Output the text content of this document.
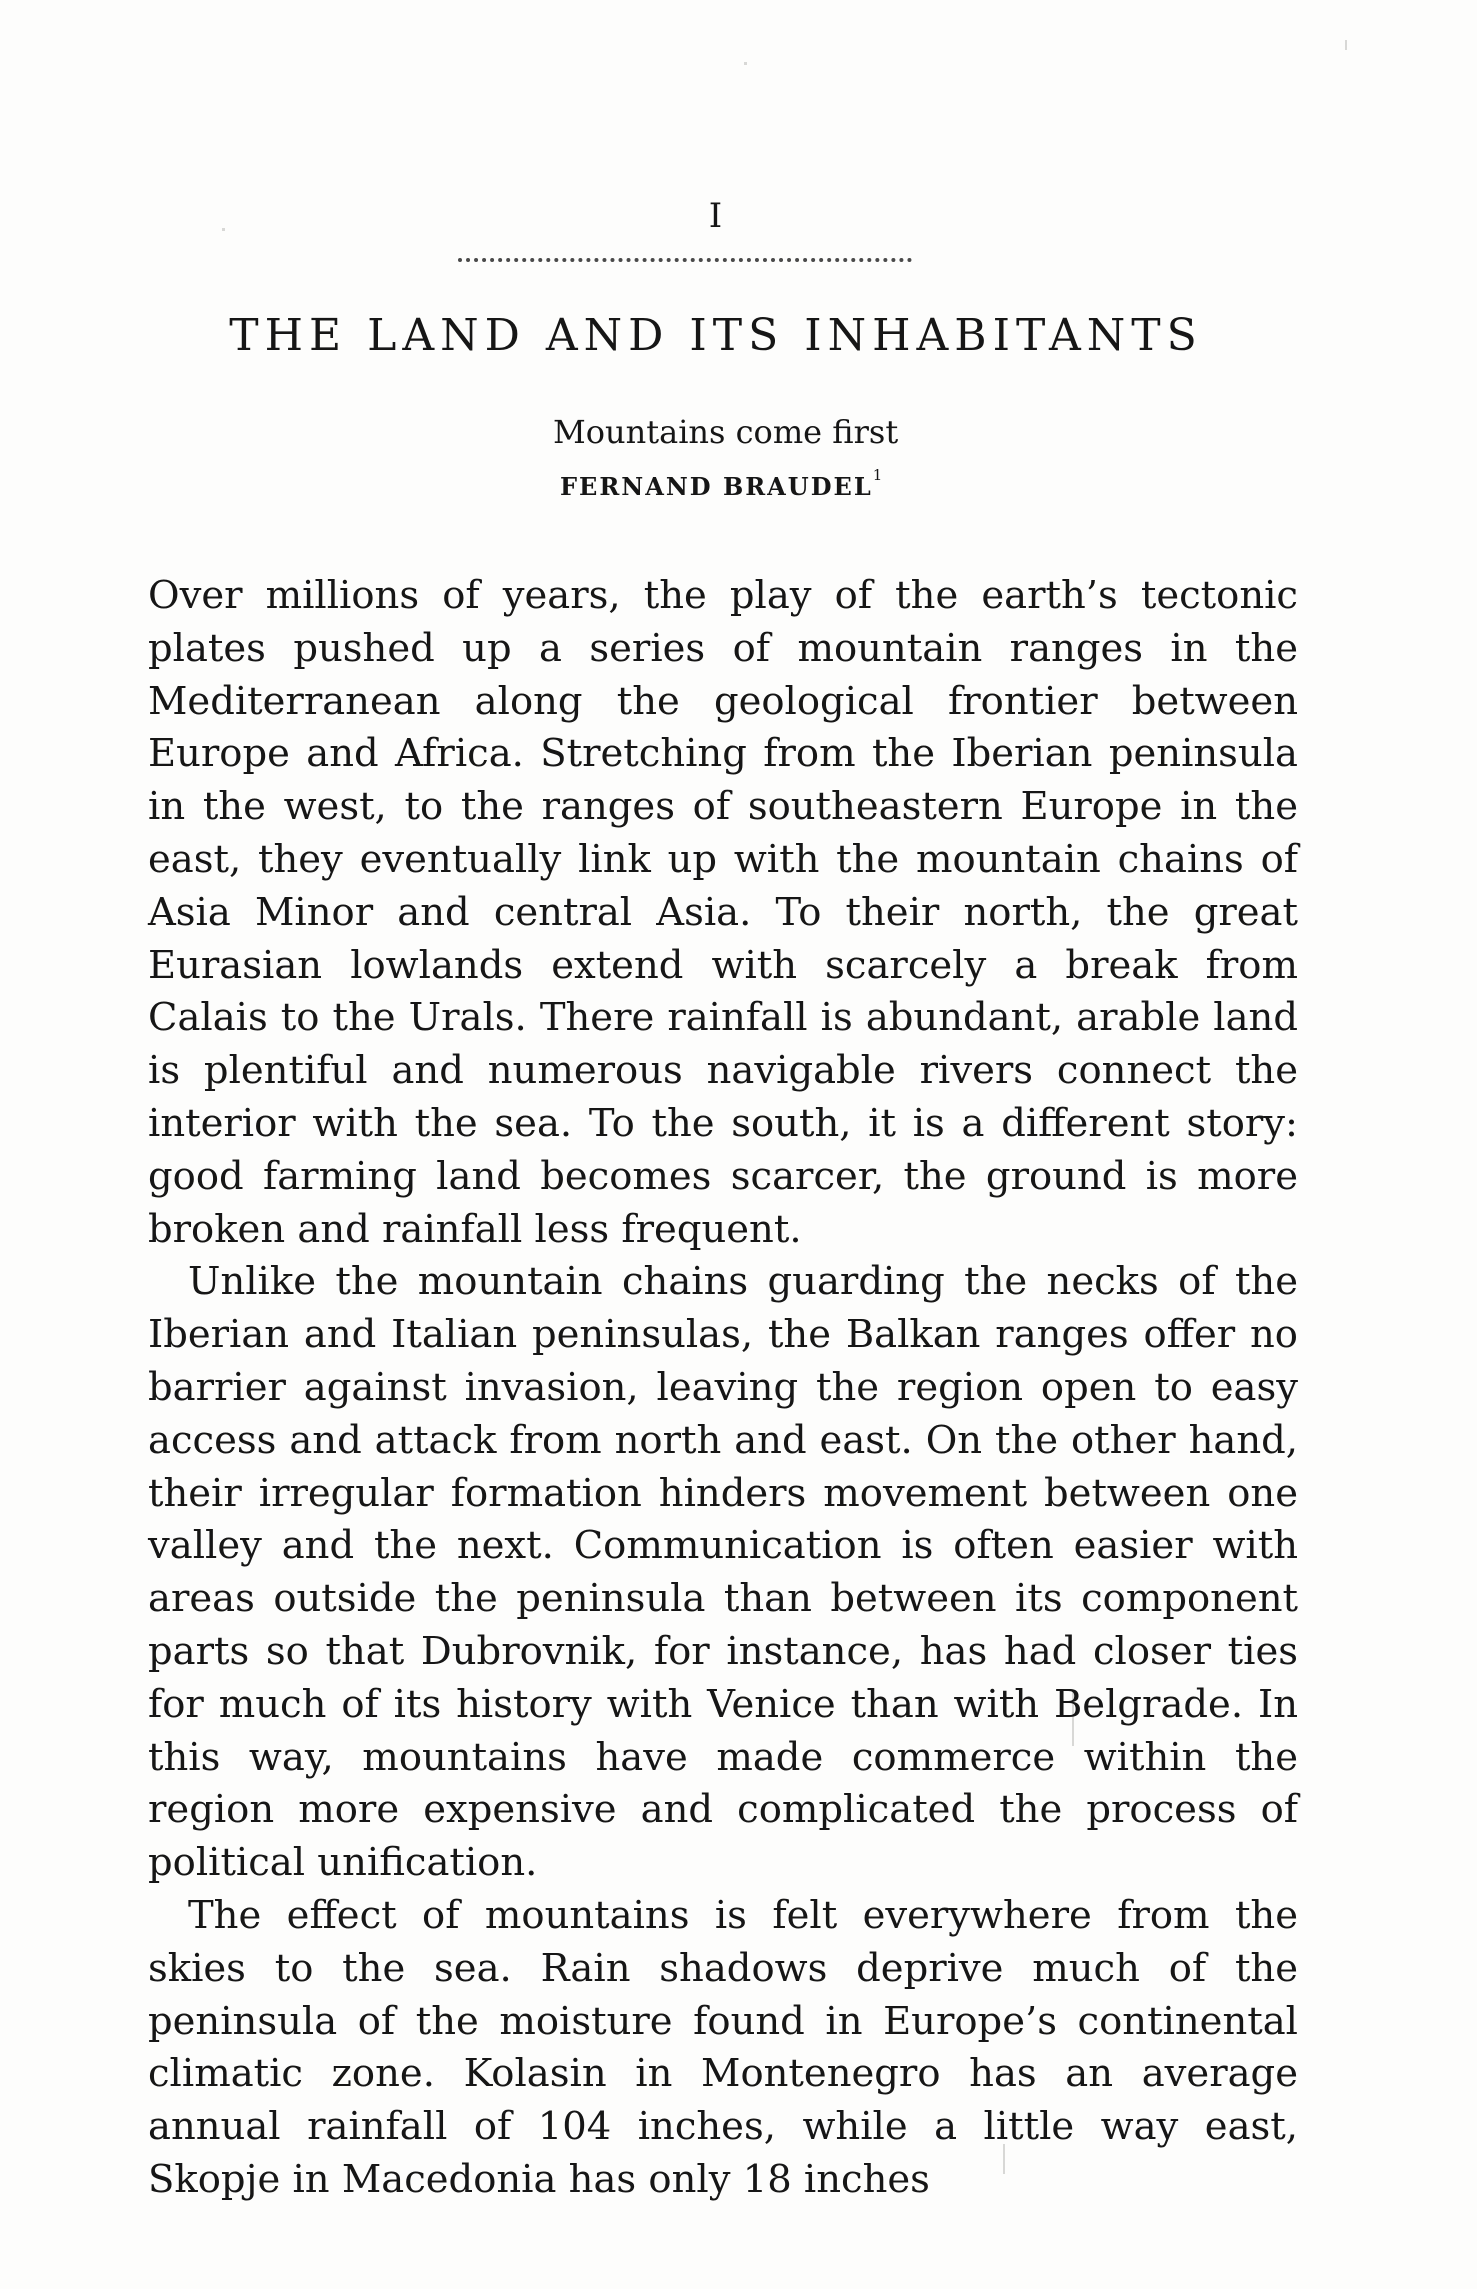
I
THE LAND AND ITS INHABITANTS
Mountains come first
FERNAND BRAUDEL$^1$

Over millions of years, the play of the earth’s tectonic plates pushed up a series of mountain ranges in the Mediterranean along the geological frontier between Europe and Africa. Stretching from the Iberian peninsula in the west, to the ranges of southeastern Europe in the east, they eventually link up with the mountain chains of Asia Minor and central Asia. To their north, the great Eurasian lowlands extend with scarcely a break from Calais to the Urals. There rainfall is abundant, arable land is plentiful and numerous navigable rivers connect the interior with the sea. To the south, it is a different story: good farming land becomes scarcer, the ground is more broken and rainfall less frequent.

Unlike the mountain chains guarding the necks of the Iberian and Italian peninsulas, the Balkan ranges offer no barrier against invasion, leaving the region open to easy access and attack from north and east. On the other hand, their irregular formation hinders movement between one valley and the next. Communication is often easier with areas outside the peninsula than between its component parts so that Dubrovnik, for instance, has had closer ties for much of its history with Venice than with Belgrade. In this way, mountains have made commerce within the region more expensive and complicated the process of political unification.

The effect of mountains is felt everywhere from the skies to the sea. Rain shadows deprive much of the peninsula of the moisture found in Europe’s continental climatic zone. Kolasin in Montenegro has an average annual rainfall of 104 inches, while a little way east, Skopje in Macedonia has only 18 inches
